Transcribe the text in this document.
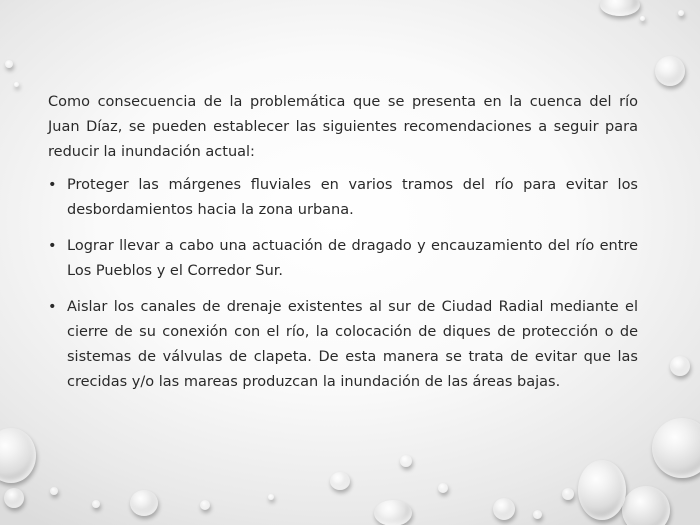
Como consecuencia de la problemática que se presenta en la cuenca del río Juan Díaz, se pueden establecer las siguientes recomendaciones a seguir para reducir la inundación actual:

• Proteger las márgenes fluviales en varios tramos del río para evitar los desbordamientos hacia la zona urbana.
• Lograr llevar a cabo una actuación de dragado y encauzamiento del río entre Los Pueblos y el Corredor Sur.
• Aislar los canales de drenaje existentes al sur de Ciudad Radial mediante el cierre de su conexión con el río, la colocación de diques de protección o de sistemas de válvulas de clapeta. De esta manera se trata de evitar que las crecidas y/o las mareas produzcan la inundación de las áreas bajas.
